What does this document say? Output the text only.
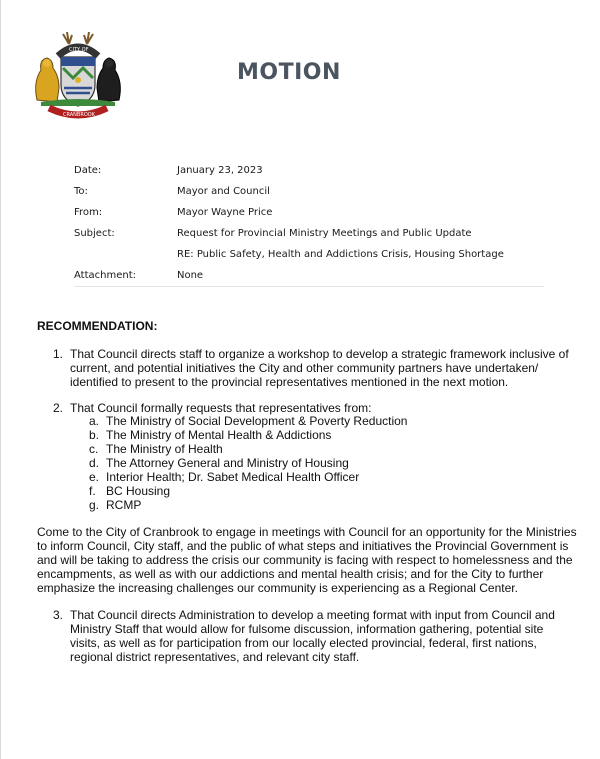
CITY OF
CRANBROOK
MOTION
Date:	January 23, 2023
To:	Mayor and Council
From:	Mayor Wayne Price
Subject:	Request for Provincial Ministry Meetings and Public Update
RE: Public Safety, Health and Addictions Crisis, Housing Shortage
Attachment:	None
RECOMMENDATION:
1. That Council directs staff to organize a workshop to develop a strategic framework inclusive of
current, and potential initiatives the City and other community partners have undertaken/
identified to present to the provincial representatives mentioned in the next motion.
2. That Council formally requests that representatives from:
a. The Ministry of Social Development & Poverty Reduction
b. The Ministry of Mental Health & Addictions
c. The Ministry of Health
d. The Attorney General and Ministry of Housing
e. Interior Health; Dr. Sabet Medical Health Officer
f. BC Housing
g. RCMP
Come to the City of Cranbrook to engage in meetings with Council for an opportunity for the Ministries
to inform Council, City staff, and the public of what steps and initiatives the Provincial Government is
and will be taking to address the crisis our community is facing with respect to homelessness and the
encampments, as well as with our addictions and mental health crisis; and for the City to further
emphasize the increasing challenges our community is experiencing as a Regional Center.
3. That Council directs Administration to develop a meeting format with input from Council and
Ministry Staff that would allow for fulsome discussion, information gathering, potential site
visits, as well as for participation from our locally elected provincial, federal, first nations,
regional district representatives, and relevant city staff.
